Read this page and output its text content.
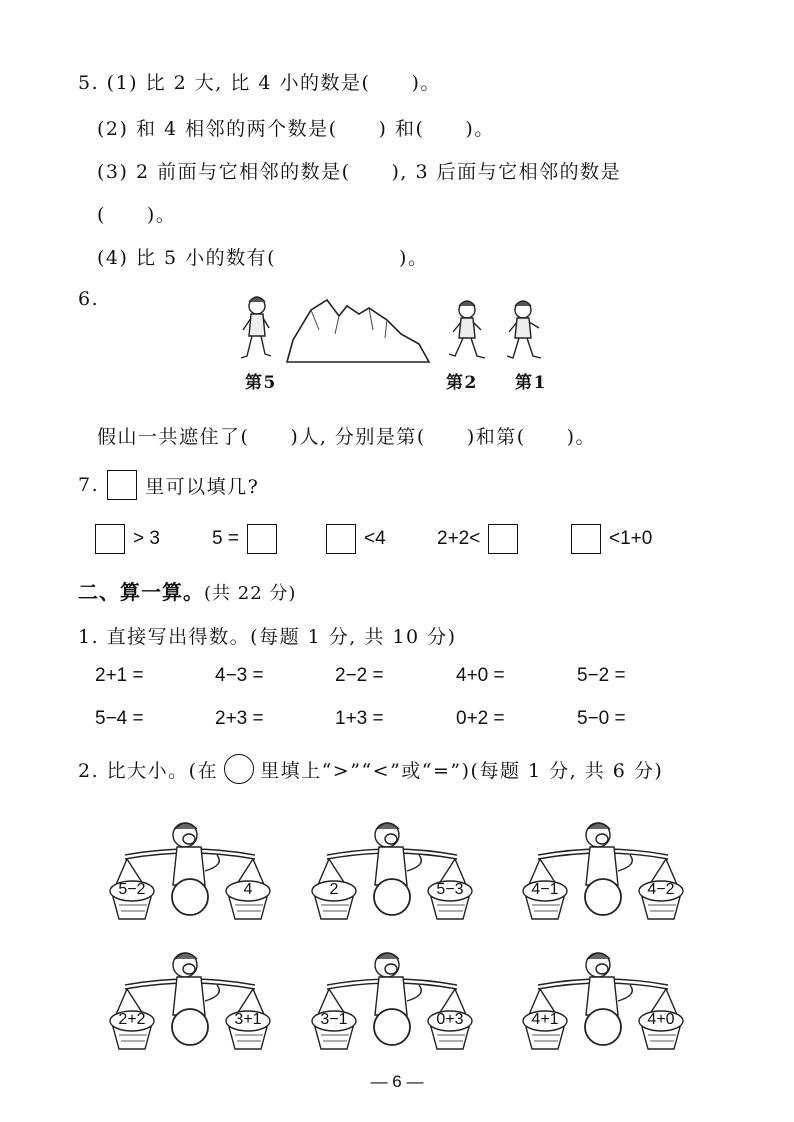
5. (1) 比 2 大, 比 4 小的数是(　　)。
(2) 和 4 相邻的两个数是(　　) 和(　　)。
(3) 2 前面与它相邻的数是(　　), 3 后面与它相邻的数是
(　　)。
(4) 比 5 小的数有(　　　　　　)。
6.
第5	第2 第1
假山一共遮住了(　　)人, 分别是第(　　)和第(　　)。
7. 里可以填几?
> 3	5 =	<4	2+2<	<1+0
二、算一算。(共 22 分)
1. 直接写出得数。(每题 1 分, 共 10 分)
2+1 =	4−3 =	2−2 =	4+0 =	5−2 =
5−4 =	2+3 =	1+3 =	0+2 =	5−0 =
2. 比大小。(在 里填上“>”“<”或“=”)(每题 1 分, 共 6 分)
5−2	4	2	5−3	4−1	4−2
2+2	3+1	3−1	0+3	4+1	4+0
— 6 —
